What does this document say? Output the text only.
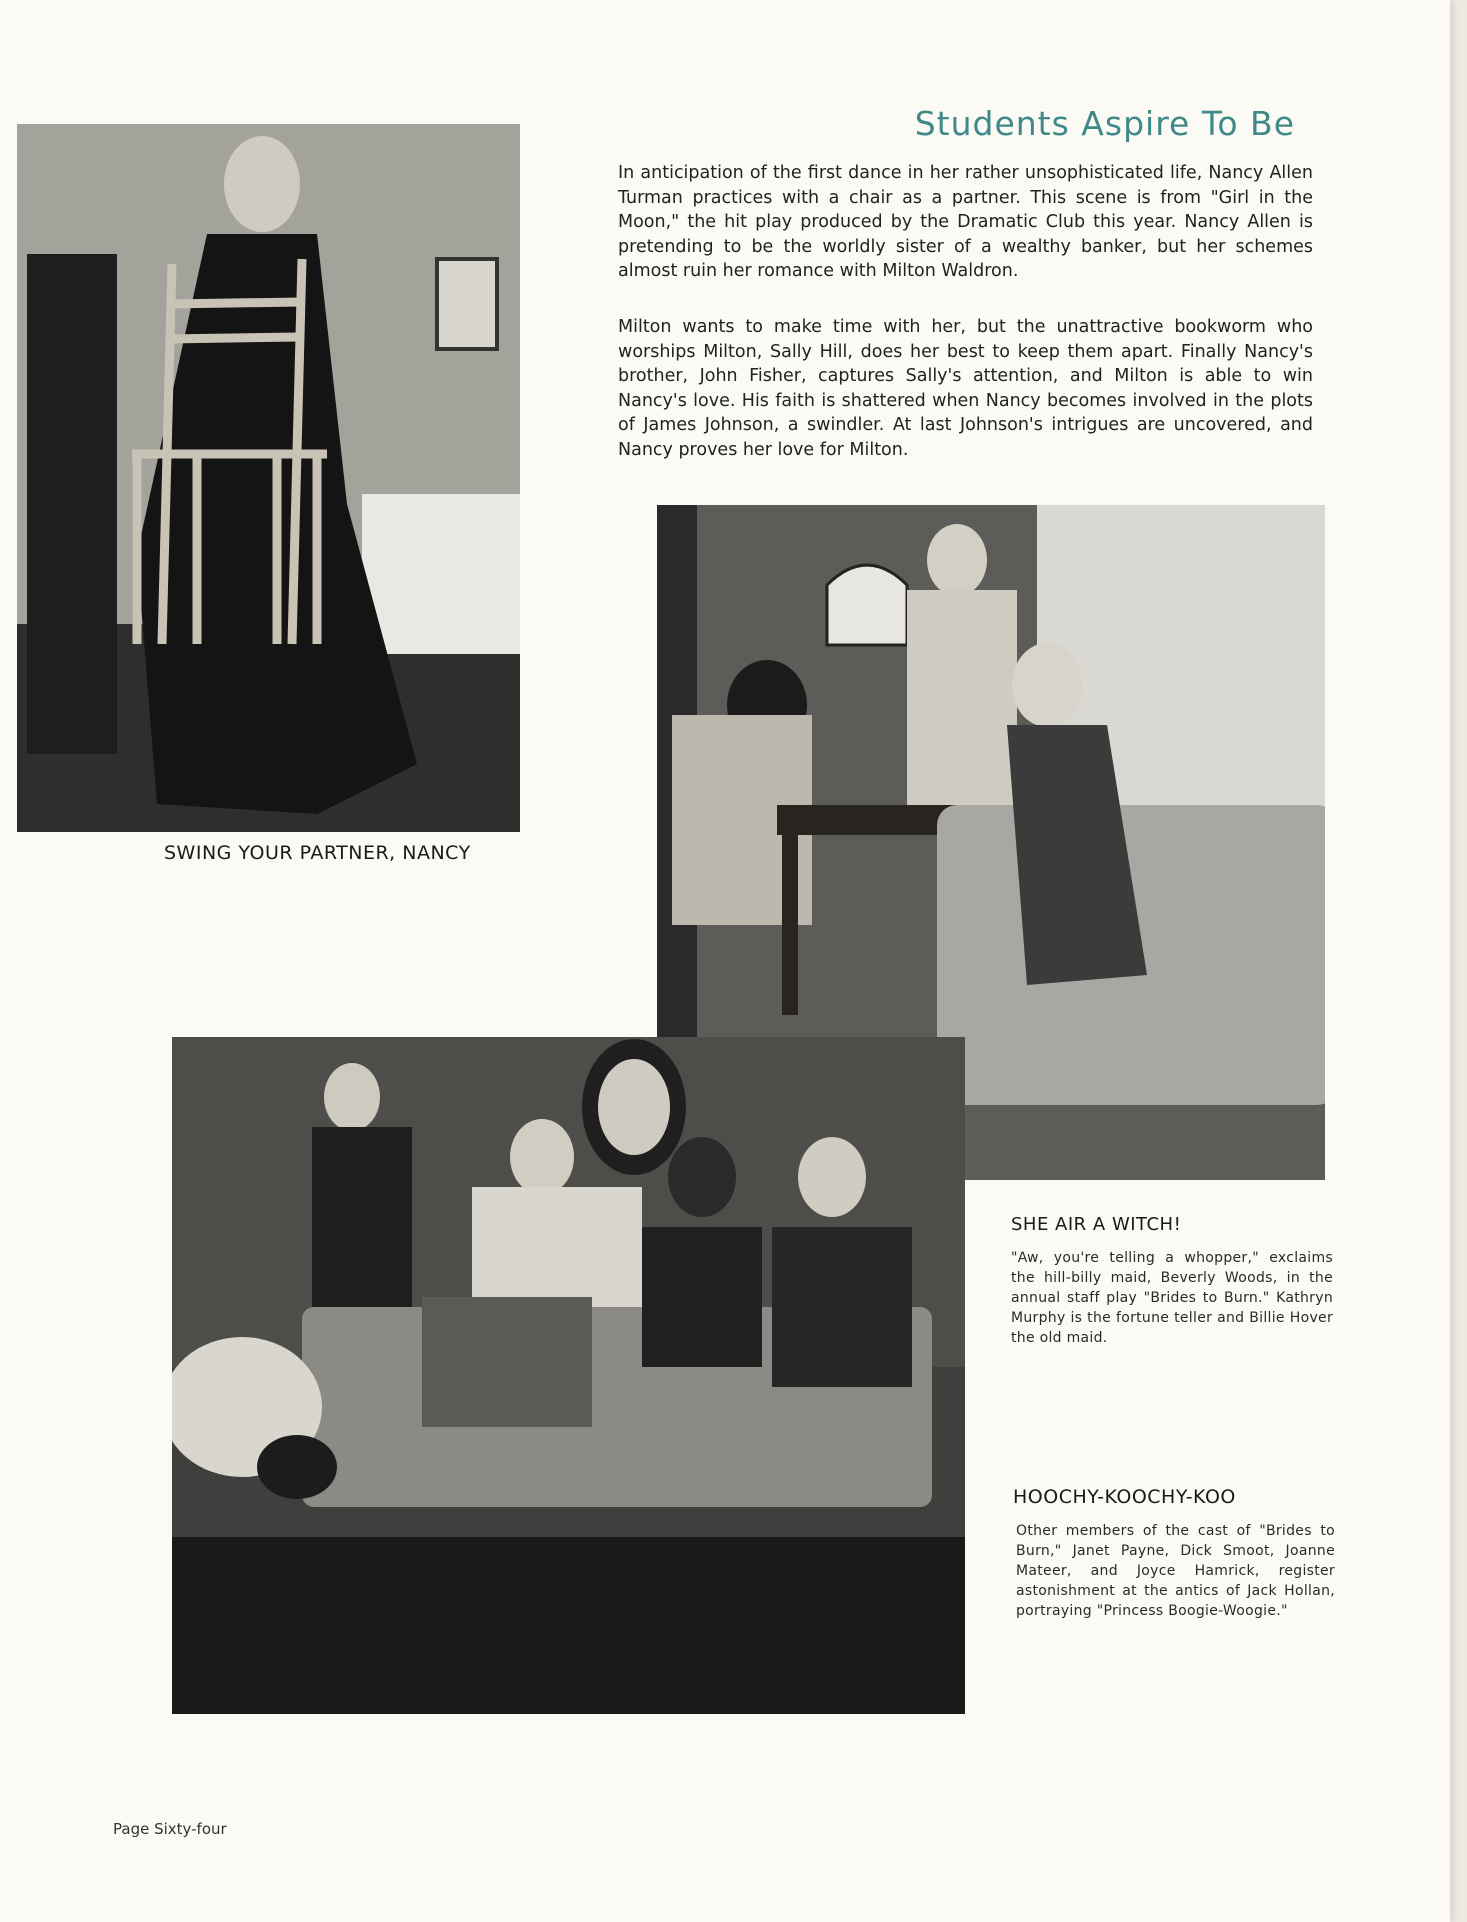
Students Aspire To Be

In anticipation of the first dance in her rather unsophisticated life, Nancy Allen Turman practices with a chair as a partner. This scene is from "Girl in the Moon," the hit play produced by the Dramatic Club this year. Nancy Allen is pretending to be the worldly sister of a wealthy banker, but her schemes almost ruin her romance with Milton Waldron.

Milton wants to make time with her, but the unattractive bookworm who worships Milton, Sally Hill, does her best to keep them apart. Finally Nancy's brother, John Fisher, captures Sally's attention, and Milton is able to win Nancy's love. His faith is shattered when Nancy becomes involved in the plots of James Johnson, a swindler. At last Johnson's intrigues are uncovered, and Nancy proves her love for Milton.

SWING YOUR PARTNER, NANCY

SHE AIR A WITCH!

"Aw, you're telling a whopper," exclaims the hill-billy maid, Beverly Woods, in the annual staff play "Brides to Burn." Kathryn Murphy is the fortune teller and Billie Hover the old maid.

HOOCHY-KOOCHY-KOO

Other members of the cast of "Brides to Burn," Janet Payne, Dick Smoot, Joanne Mateer, and Joyce Hamrick, register astonishment at the antics of Jack Hollan, portraying "Princess Boogie-Woogie."

Page Sixty-four
